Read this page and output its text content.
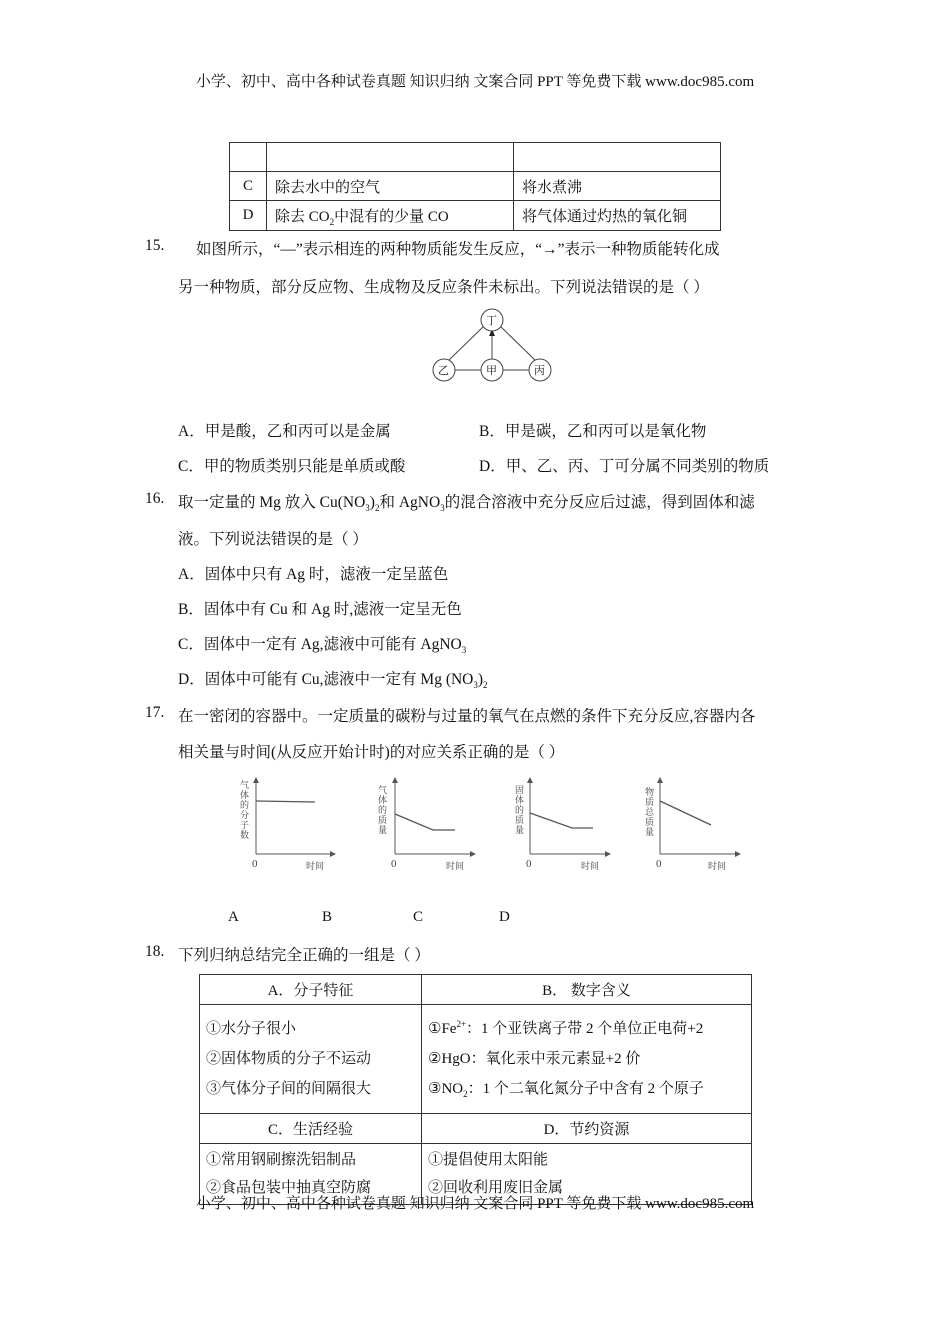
小学、初中、高中各种试卷真题 知识归纳 文案合同 PPT 等免费下载 www.doc985.com

C	除去水中的空气	将水煮沸
D	除去 $CO_2$中混有的少量 CO	将气体通过灼热的氧化铜
15. 如图所示，“—”表示相连的两种物质能发生反应，“→”表示一种物质能转化成
另一种物质，部分反应物、生成物及反应条件未标出。下列说法错误的是（ ）
丁
乙	甲	丙
A．甲是酸，乙和丙可以是金属	B．甲是碳，乙和丙可以是氧化物
C．甲的物质类别只能是单质或酸	D．甲、乙、丙、丁可分属不同类别的物质
16. 取一定量的 Mg 放入 $Cu(NO_3)_2$和 AgNO$_3$的混合溶液中充分反应后过滤，得到固体和滤
液。下列说法错误的是（ ）
A．固体中只有 Ag 时，滤液一定呈蓝色
B．固体中有 Cu 和 Ag 时,滤液一定呈无色
C．固体中一定有 Ag,滤液中可能有 AgNO$_3$
D．固体中可能有 Cu,滤液中一定有 Mg $(NO_3)_2$
17. 在一密闭的容器中。一定质量的碳粉与过量的氧气在点燃的条件下充分反应,容器内各
相关量与时间(从反应开始计时)的对应关系正确的是（ ）
气
体
的
分
子
数
气
体
的
质
量
固
体
的
质
量
物
质
总
质
量
0	时间	0	时间	0	时间	0	时间
A	B	C	D
18. 下列归纳总结完全正确的一组是（ ）
A．分子特征	B． 数字含义

①水分子很小
②固体物质的分子不运动
③气体分子间的间隔很大

$①Fe^{2+}$：1 个亚铁离子带 2 个单位正电荷+2
②HgO：氧化汞中汞元素显+2 价
$③NO_2$：1 个二氧化氮分子中含有 2 个原子

C．生活经验	D．节约资源

①常用钢刷擦洗铝制品
②食品包装中抽真空防腐

①提倡使用太阳能
②回收利用废旧金属
小学、初中、高中各种试卷真题 知识归纳 文案合同 PPT 等免费下载 www.doc985.com
